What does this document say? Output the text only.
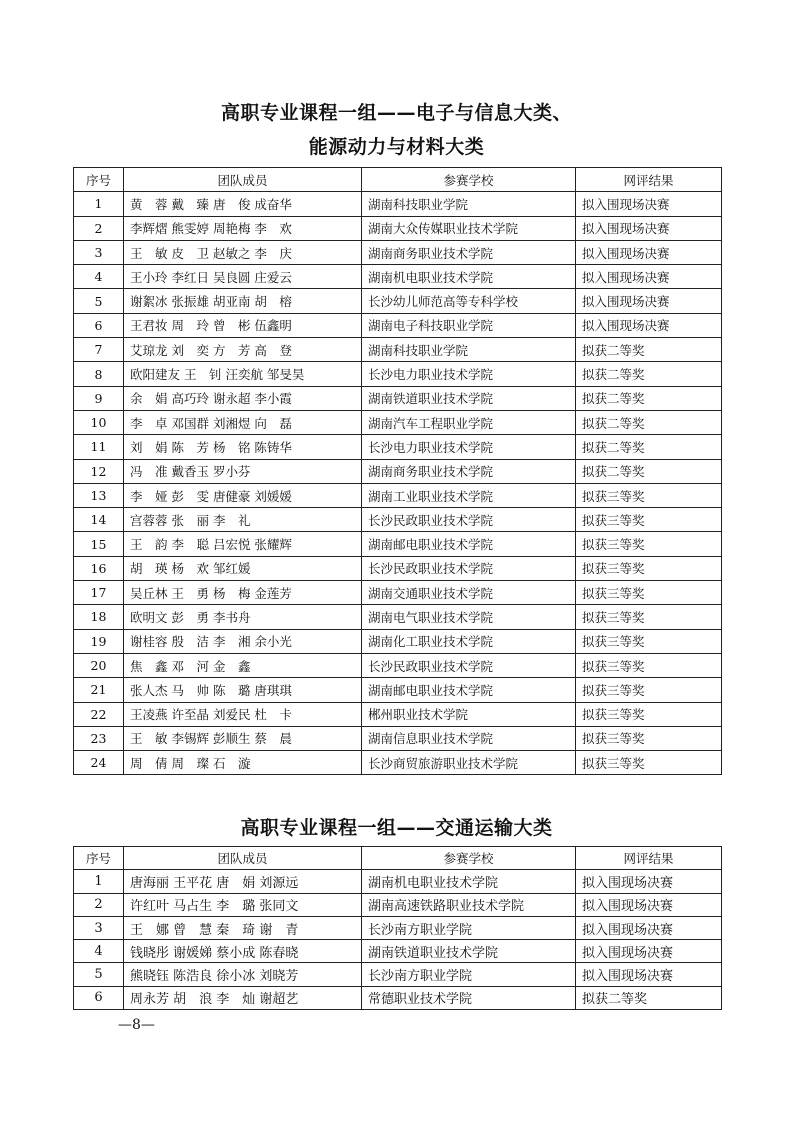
高职专业课程一组——电子与信息大类、
能源动力与材料大类
序号	团队成员	参赛学校	网评结果
1	黄　蓉 戴　臻 唐　俊 成奋华	湖南科技职业学院	拟入围现场决赛
2	李辉熠 熊雯婷 周艳梅 李　欢	湖南大众传媒职业技术学院	拟入围现场决赛
3	王　敏 皮　卫 赵敏之 李　庆	湖南商务职业技术学院	拟入围现场决赛
4	王小玲 李红日 吴良圆 庄爱云	湖南机电职业技术学院	拟入围现场决赛
5	谢絮冰 张振雄 胡亚南 胡　榕	长沙幼儿师范高等专科学校	拟入围现场决赛
6	王君妆 周　玲 曾　彬 伍鑫明	湖南电子科技职业学院	拟入围现场决赛
7	艾琼龙 刘　奕 方　芳 高　登	湖南科技职业学院	拟获二等奖
8	欧阳建友 王　钊 汪奕航 邹旻昊	长沙电力职业技术学院	拟获二等奖
9	余　娟 高巧玲 谢永超 李小霞	湖南铁道职业技术学院	拟获二等奖
10	李　卓 邓国群 刘湘煜 向　磊	湖南汽车工程职业学院	拟获二等奖
11	刘　娟 陈　芳 杨　铭 陈铸华	长沙电力职业技术学院	拟获二等奖
12	冯　准 戴香玉 罗小芬	湖南商务职业技术学院	拟获二等奖
13	李　娅 彭　雯 唐健豪 刘媛媛	湖南工业职业技术学院	拟获三等奖
14	宫蓉蓉 张　丽 李　礼	长沙民政职业技术学院	拟获三等奖
15	王　韵 李　聪 吕宏悦 张耀辉	湖南邮电职业技术学院	拟获三等奖
16	胡　瑛 杨　欢 邹红媛	长沙民政职业技术学院	拟获三等奖
17	吴丘林 王　勇 杨　梅 金莲芳	湖南交通职业技术学院	拟获三等奖
18	欧明文 彭　勇 李书舟	湖南电气职业技术学院	拟获三等奖
19	谢桂容 殷　洁 李　湘 余小光	湖南化工职业技术学院	拟获三等奖
20	焦　鑫 邓　河 金　鑫	长沙民政职业技术学院	拟获三等奖
21	张人杰 马　帅 陈　璐 唐琪琪	湖南邮电职业技术学院	拟获三等奖
22	王凌燕 许至晶 刘爱民 杜　卡	郴州职业技术学院	拟获三等奖
23	王　敏 李锡辉 彭顺生 蔡　晨	湖南信息职业技术学院	拟获三等奖
24	周　倩 周　璨 石　漩	长沙商贸旅游职业技术学院	拟获三等奖
高职专业课程一组——交通运输大类
序号	团队成员	参赛学校	网评结果
1	唐海丽 王平花 唐　娟 刘源远	湖南机电职业技术学院	拟入围现场决赛
2	许红叶 马占生 李　璐 张同文	湖南高速铁路职业技术学院	拟入围现场决赛
3	王　娜 曾　慧 秦　琦 谢　青	长沙南方职业学院	拟入围现场决赛
4	钱晓彤 谢媛娣 蔡小成 陈春晓	湖南铁道职业技术学院	拟入围现场决赛
5	熊晓钰 陈浩良 徐小冰 刘晓芳	长沙南方职业学院	拟入围现场决赛
6	周永芳 胡　浪 李　灿 谢超艺	常德职业技术学院	拟获二等奖
—8—
